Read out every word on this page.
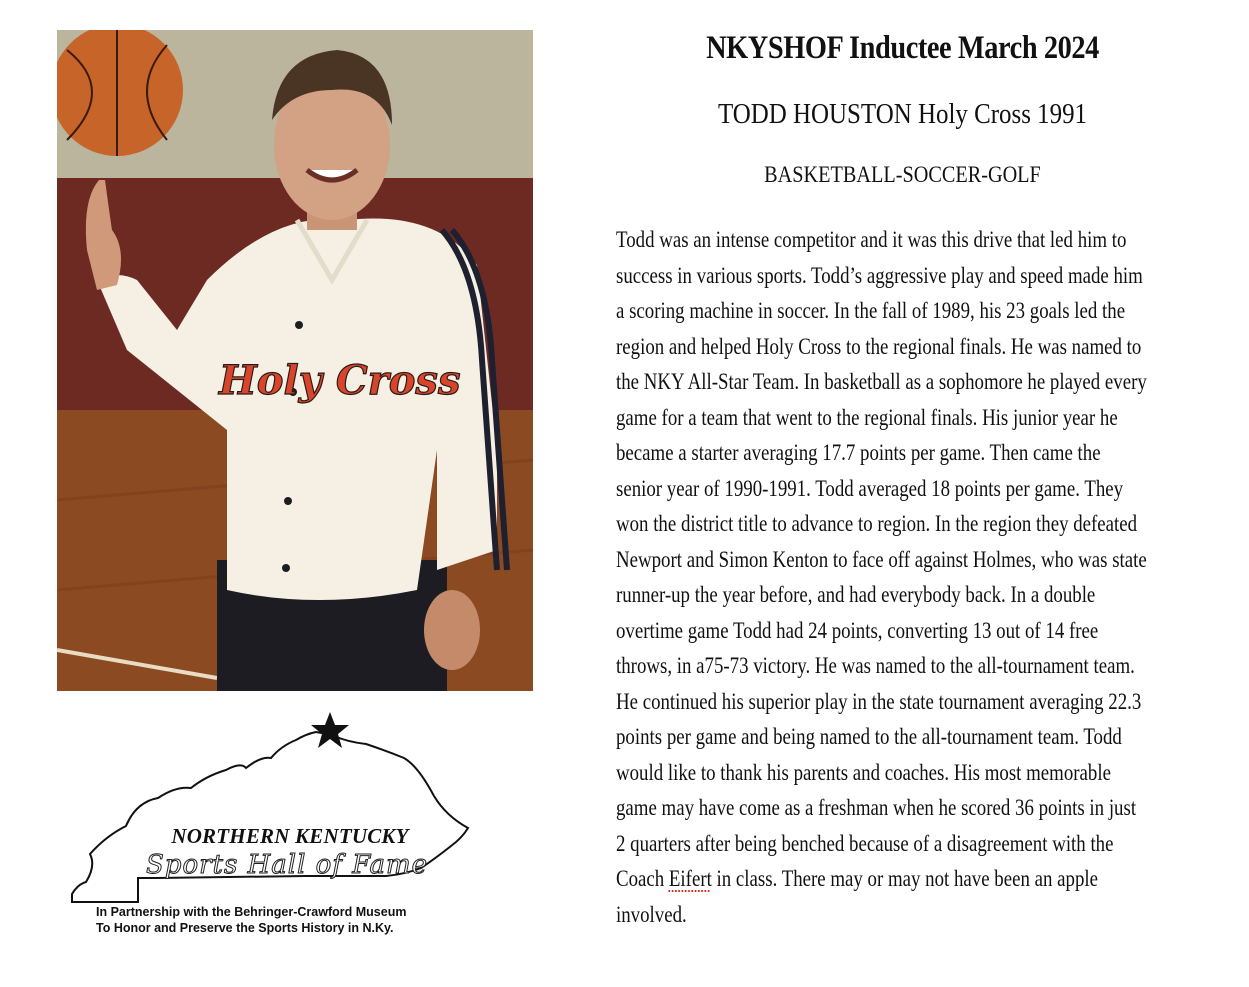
Holy Cross
NORTHERN KENTUCKY
Sports Hall of Fame
In Partnership with the Behringer-Crawford Museum
To Honor and Preserve the Sports History in N.Ky.
NKYSHOF Inductee March 2024
TODD HOUSTON Holy Cross 1991
BASKETBALL-SOCCER-GOLF
Todd was an intense competitor and it was this drive that led him to
success in various sports. Todd’s aggressive play and speed made him
a scoring machine in soccer. In the fall of 1989, his 23 goals led the
region and helped Holy Cross to the regional finals. He was named to
the NKY All-Star Team. In basketball as a sophomore he played every
game for a team that went to the regional finals. His junior year he
became a starter averaging 17.7 points per game. Then came the
senior year of 1990-1991. Todd averaged 18 points per game. They
won the district title to advance to region. In the region they defeated
Newport and Simon Kenton to face off against Holmes, who was state
runner-up the year before, and had everybody back. In a double
overtime game Todd had 24 points, converting 13 out of 14 free
throws, in a75-73 victory. He was named to the all-tournament team.
He continued his superior play in the state tournament averaging 22.3
points per game and being named to the all-tournament team. Todd
would like to thank his parents and coaches. His most memorable
game may have come as a freshman when he scored 36 points in just
2 quarters after being benched because of a disagreement with the
Coach Eifert in class. There may or may not have been an apple
involved.
